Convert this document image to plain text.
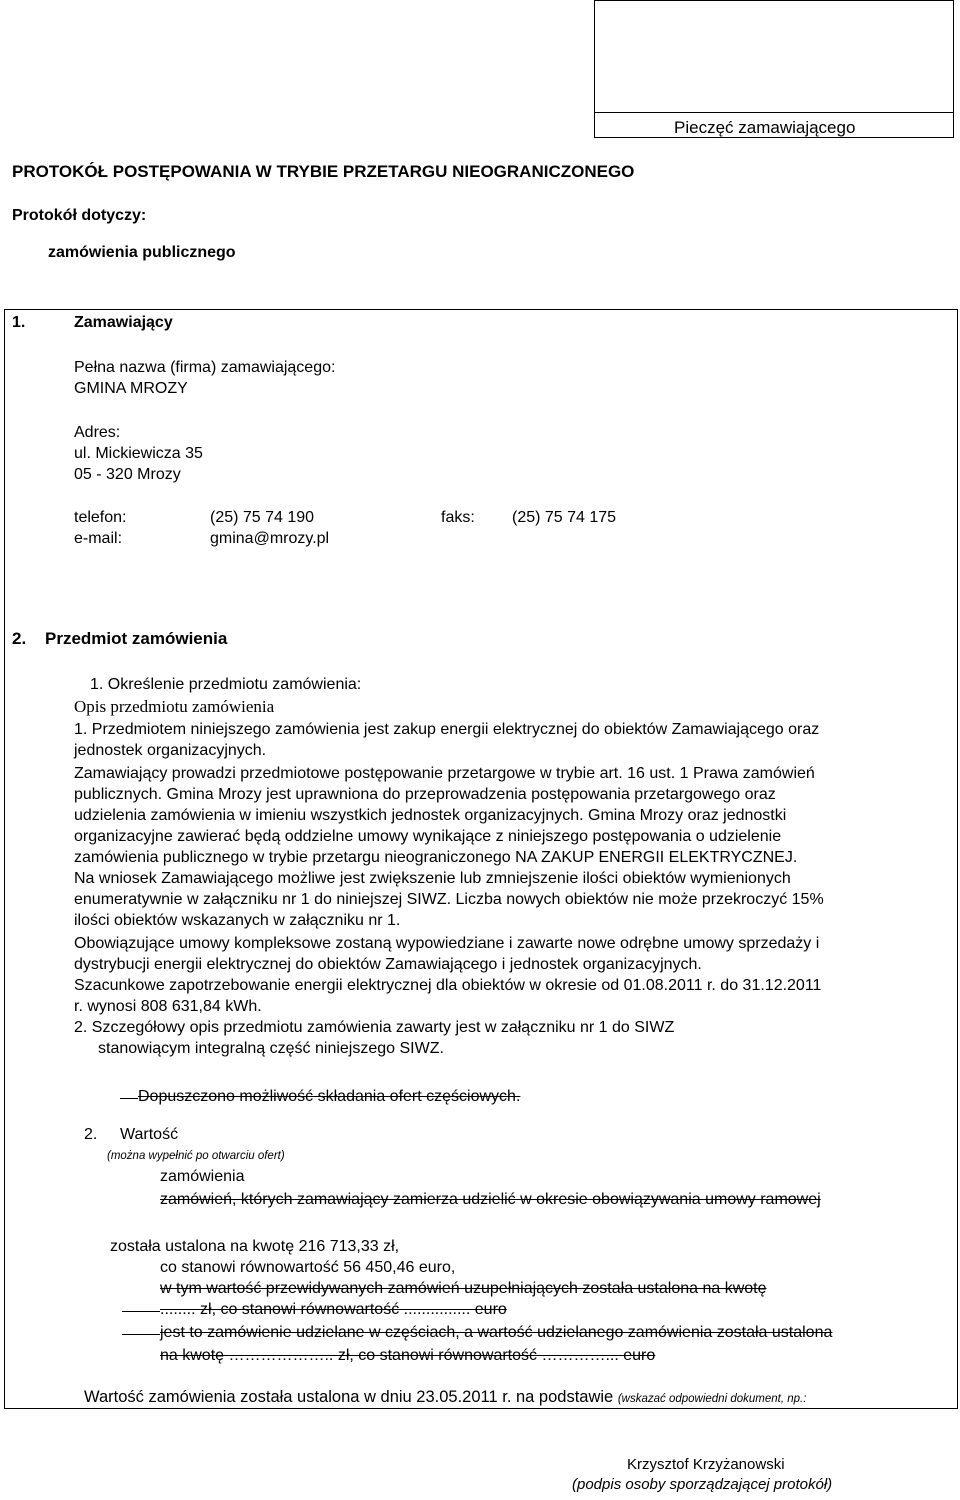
Pieczęć zamawiającego
PROTOKÓŁ POSTĘPOWANIA W TRYBIE PRZETARGU NIEOGRANICZONEGO
Protokół dotyczy:
zamówienia publicznego
1.	Zamawiający
Pełna nazwa (firma) zamawiającego:
GMINA MROZY
Adres:
ul. Mickiewicza 35
05 - 320 Mrozy
telefon:	(25) 75 74 190	faks: (25) 75 74 175
e-mail:	gmina@mrozy.pl
2. Przedmiot zamówienia
1. Określenie przedmiotu zamówienia:
Opis przedmiotu zamówienia
1. Przedmiotem niniejszego zamówienia jest zakup energii elektrycznej do obiektów Zamawiającego oraz
jednostek organizacyjnych.
Zamawiający prowadzi przedmiotowe postępowanie przetargowe w trybie art. 16 ust. 1 Prawa zamówień
publicznych. Gmina Mrozy jest uprawniona do przeprowadzenia postępowania przetargowego oraz
udzielenia zamówienia w imieniu wszystkich jednostek organizacyjnych. Gmina Mrozy oraz jednostki
organizacyjne zawierać będą oddzielne umowy wynikające z niniejszego postępowania o udzielenie
zamówienia publicznego w trybie przetargu nieograniczonego NA ZAKUP ENERGII ELEKTRYCZNEJ.
Na wniosek Zamawiającego możliwe jest zwiększenie lub zmniejszenie ilości obiektów wymienionych
enumeratywnie w załączniku nr 1 do niniejszej SIWZ. Liczba nowych obiektów nie może przekroczyć 15%
ilości obiektów wskazanych w załączniku nr 1.
Obowiązujące umowy kompleksowe zostaną wypowiedziane i zawarte nowe odrębne umowy sprzedaży i
dystrybucji energii elektrycznej do obiektów Zamawiającego i jednostek organizacyjnych.
Szacunkowe zapotrzebowanie energii elektrycznej dla obiektów w okresie od 01.08.2011 r. do 31.12.2011
r. wynosi 808 631,84 kWh.
2. Szczegółowy opis przedmiotu zamówienia zawarty jest w załączniku nr 1 do SIWZ
stanowiącym integralną część niniejszego SIWZ.
Dopuszczono możliwość składania ofert częściowych.
2. Wartość
(można wypełnić po otwarciu ofert)
zamówienia
zamówień, których zamawiający zamierza udzielić w okresie obowiązywania umowy ramowej
została ustalona na kwotę 216 713,33 zł,
co stanowi równowartość 56 450,46 euro,
w tym wartość przewidywanych zamówień uzupełniających została ustalona na kwotę
........ zł, co stanowi równowartość ............... euro
jest to zamówienie udzielane w częściach, a wartość udzielanego zamówienia została ustalona
na kwotę ……………….. zł, co stanowi równowartość …………... euro
Wartość zamówienia została ustalona w dniu 23.05.2011 r. na podstawie (wskazać odpowiedni dokument, np.:
Krzysztof Krzyżanowski
(podpis osoby sporządzającej protokół)
